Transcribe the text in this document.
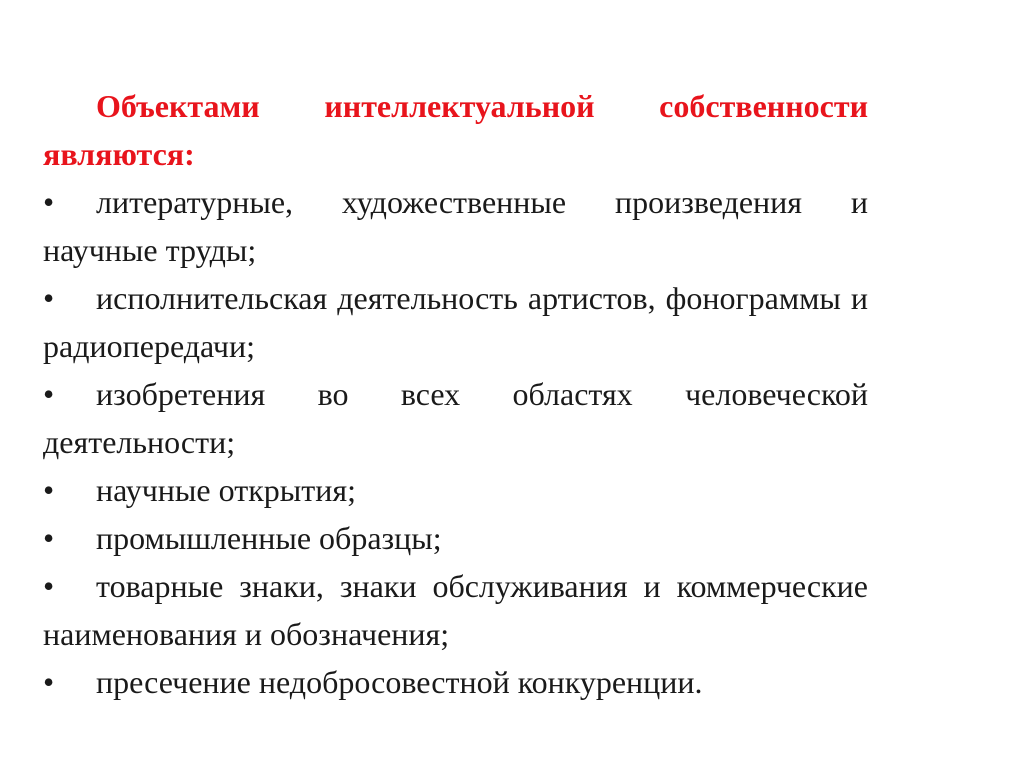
Объектами интеллектуальной собственности являются:

• литературные, художественные произведения и научные труды;
• исполнительская деятельность артистов, фонограммы и радиопередачи;
• изобретения во всех областях человеческой деятельности;
• научные открытия;
• промышленные образцы;
• товарные знаки, знаки обслуживания и коммерческие наименования и обозначения;
• пресечение недобросовестной конкуренции.
